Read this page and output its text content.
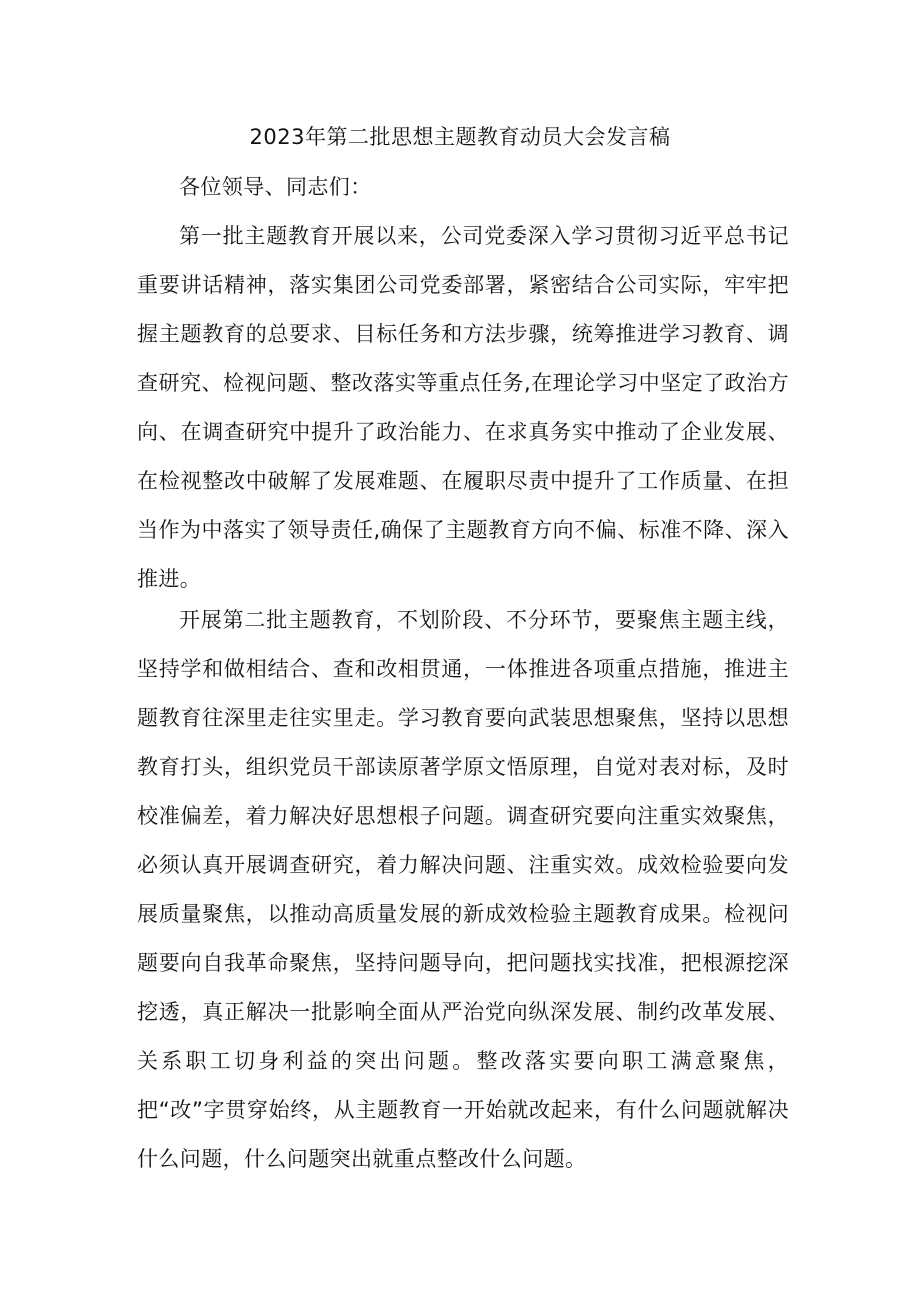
2023年第二批思想主题教育动员大会发言稿

各位领导、同志们：

第一批主题教育开展以来，公司党委深入学习贯彻习近平总书记重要讲话精神，落实集团公司党委部署，紧密结合公司实际，牢牢把握主题教育的总要求、目标任务和方法步骤，统筹推进学习教育、调查研究、检视问题、整改落实等重点任务,在理论学习中坚定了政治方向、在调查研究中提升了政治能力、在求真务实中推动了企业发展、在检视整改中破解了发展难题、在履职尽责中提升了工作质量、在担当作为中落实了领导责任,确保了主题教育方向不偏、标准不降、深入推进。

开展第二批主题教育，不划阶段、不分环节，要聚焦主题主线，坚持学和做相结合、查和改相贯通，一体推进各项重点措施，推进主题教育往深里走往实里走。学习教育要向武装思想聚焦，坚持以思想教育打头，组织党员干部读原著学原文悟原理，自觉对表对标，及时校准偏差，着力解决好思想根子问题。调查研究要向注重实效聚焦，必须认真开展调查研究，着力解决问题、注重实效。成效检验要向发展质量聚焦，以推动高质量发展的新成效检验主题教育成果。检视问题要向自我革命聚焦，坚持问题导向，把问题找实找准，把根源挖深挖透，真正解决一批影响全面从严治党向纵深发展、制约改革发展、关系职工切身利益的突出问题。整改落实要向职工满意聚焦，把“改”字贯穿始终，从主题教育一开始就改起来，有什么问题就解决什么问题，什么问题突出就重点整改什么问题。
